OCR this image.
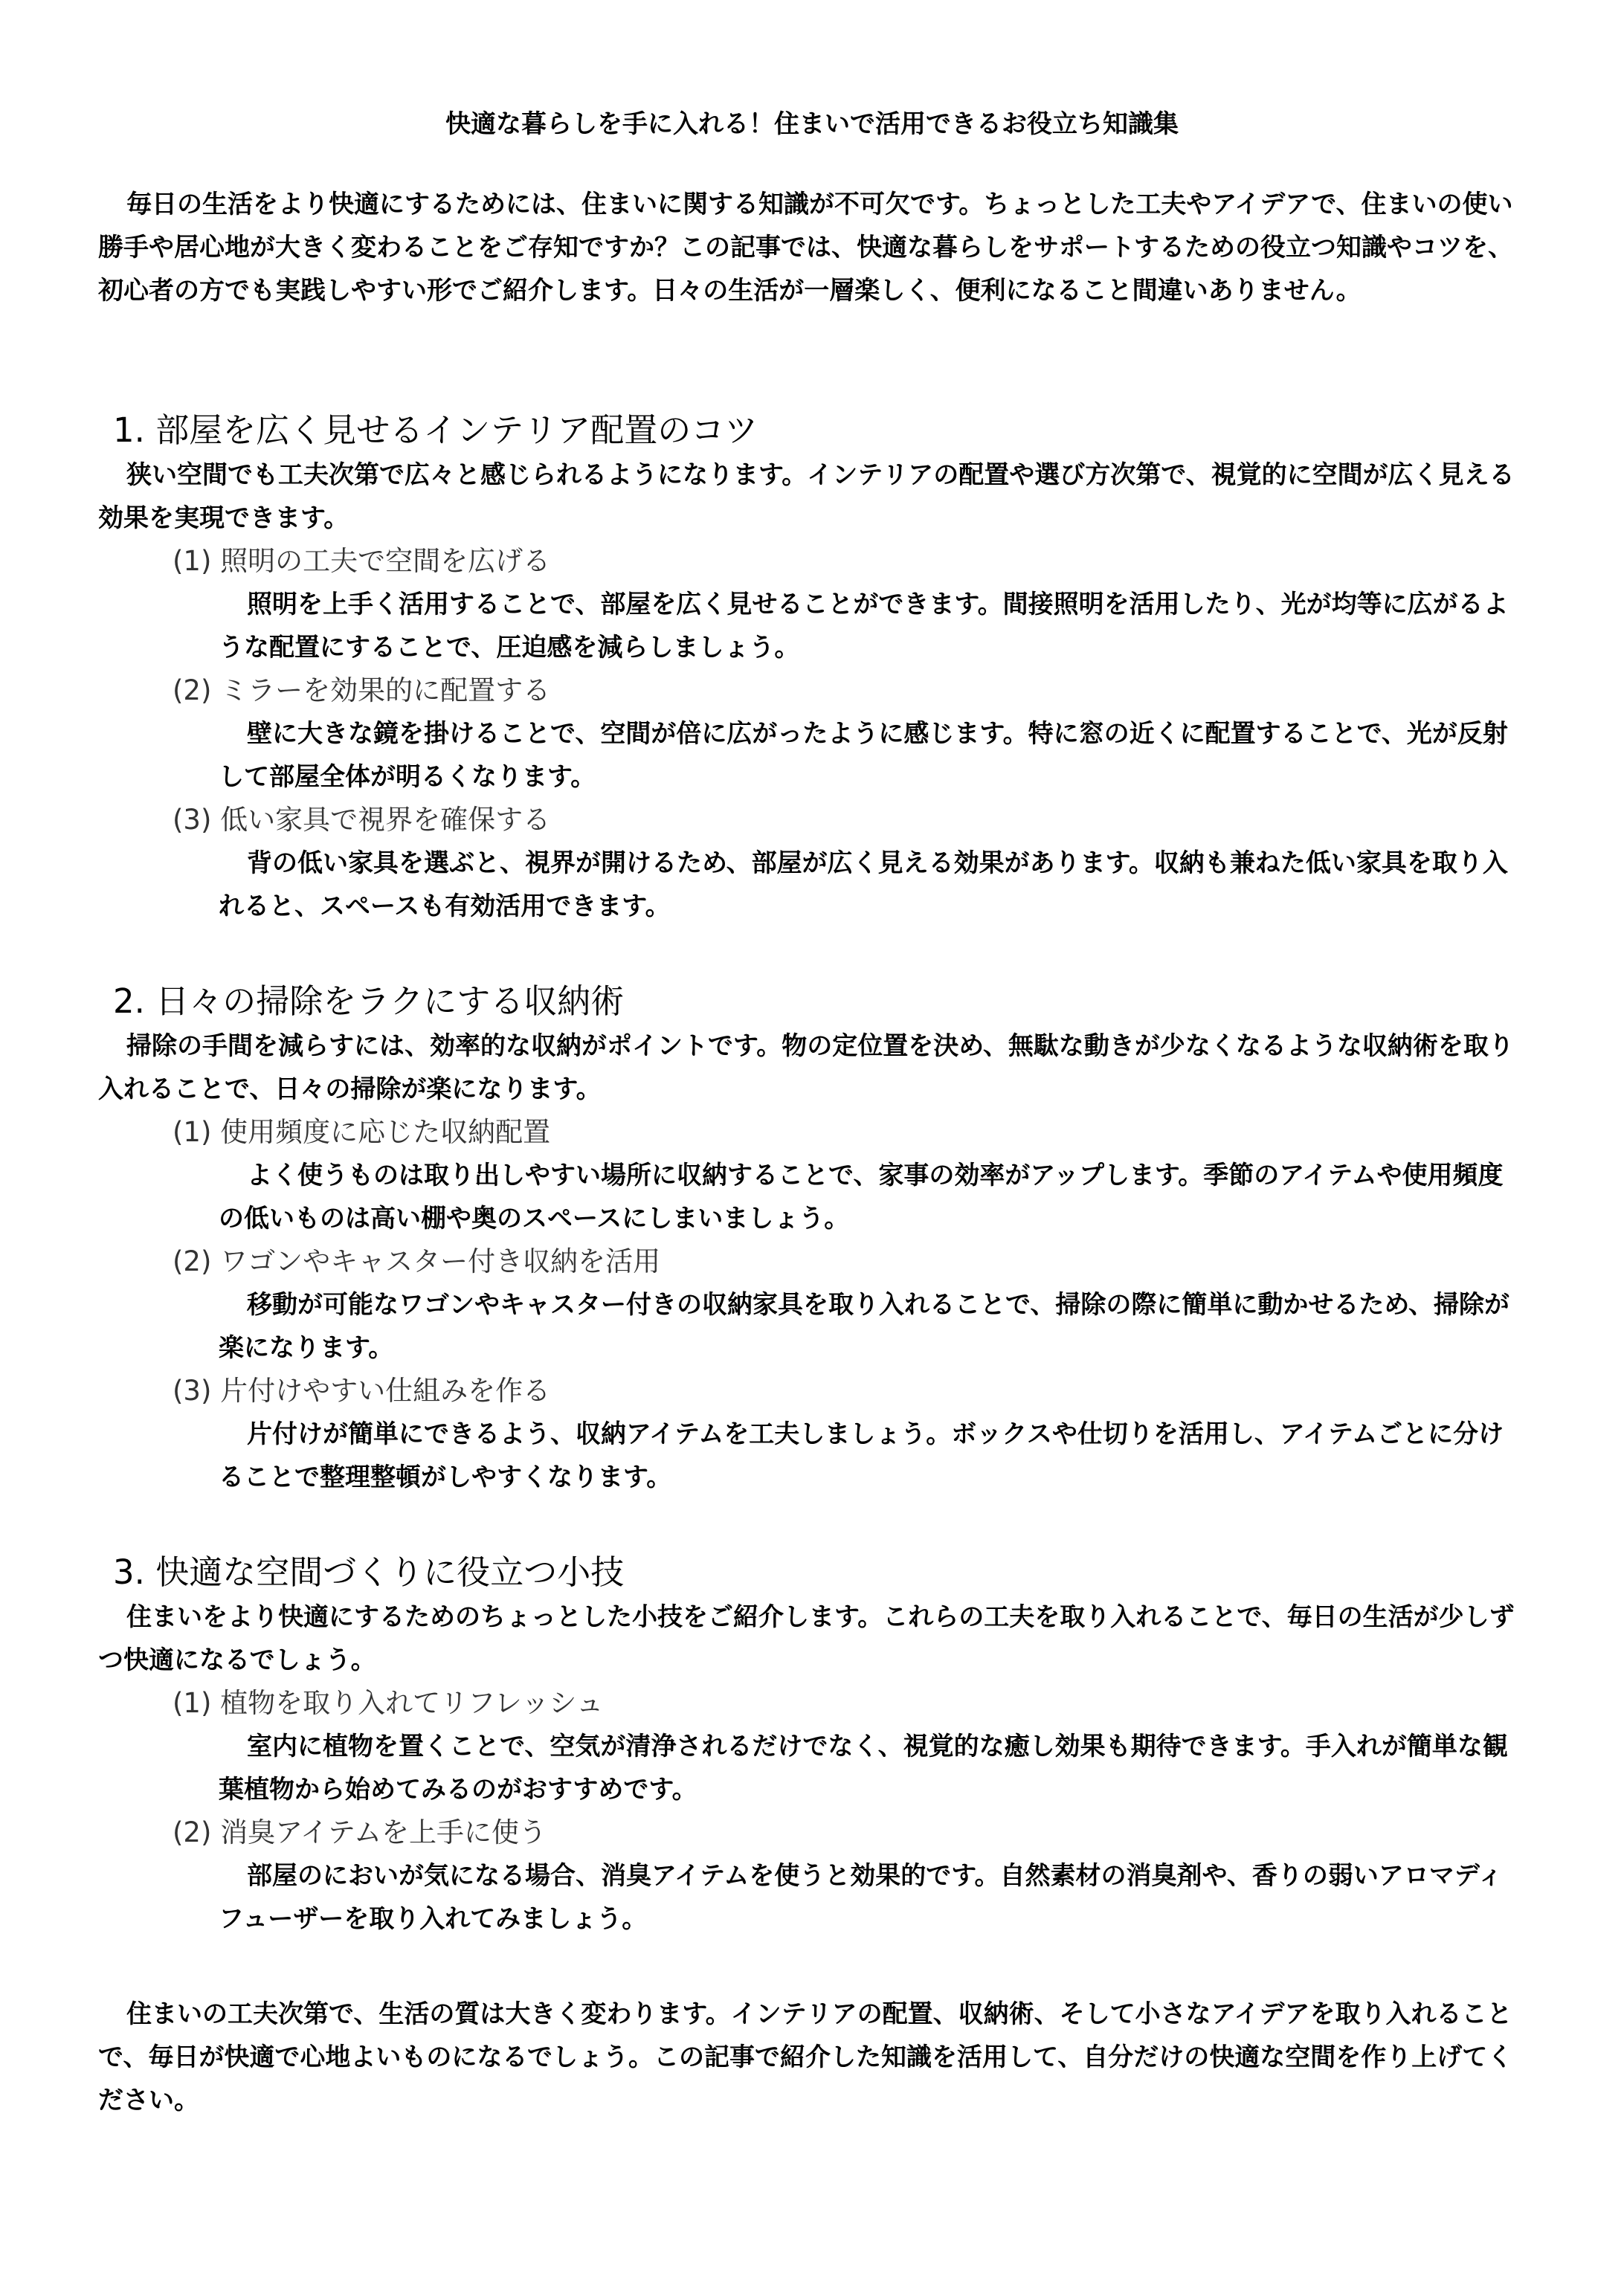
快適な暮らしを手に入れる！住まいで活用できるお役立ち知識集

毎日の生活をより快適にするためには、住まいに関する知識が不可欠です。ちょっとした工夫やアイデアで、住まいの使い勝手や居心地が大きく変わることをご存知ですか？この記事では、快適な暮らしをサポートするための役立つ知識やコツを、初心者の方でも実践しやすい形でご紹介します。日々の生活が一層楽しく、便利になること間違いありません。

1. 部屋を広く見せるインテリア配置のコツ

狭い空間でも工夫次第で広々と感じられるようになります。インテリアの配置や選び方次第で、視覚的に空間が広く見える効果を実現できます。

(1) 照明の工夫で空間を広げる

照明を上手く活用することで、部屋を広く見せることができます。間接照明を活用したり、光が均等に広がるような配置にすることで、圧迫感を減らしましょう。

(2) ミラーを効果的に配置する

壁に大きな鏡を掛けることで、空間が倍に広がったように感じます。特に窓の近くに配置することで、光が反射して部屋全体が明るくなります。

(3) 低い家具で視界を確保する

背の低い家具を選ぶと、視界が開けるため、部屋が広く見える効果があります。収納も兼ねた低い家具を取り入れると、スペースも有効活用できます。

2. 日々の掃除をラクにする収納術

掃除の手間を減らすには、効率的な収納がポイントです。物の定位置を決め、無駄な動きが少なくなるような収納術を取り入れることで、日々の掃除が楽になります。

(1) 使用頻度に応じた収納配置

よく使うものは取り出しやすい場所に収納することで、家事の効率がアップします。季節のアイテムや使用頻度の低いものは高い棚や奥のスペースにしまいましょう。

(2) ワゴンやキャスター付き収納を活用

移動が可能なワゴンやキャスター付きの収納家具を取り入れることで、掃除の際に簡単に動かせるため、掃除が楽になります。

(3) 片付けやすい仕組みを作る

片付けが簡単にできるよう、収納アイテムを工夫しましょう。ボックスや仕切りを活用し、アイテムごとに分けることで整理整頓がしやすくなります。

3. 快適な空間づくりに役立つ小技

住まいをより快適にするためのちょっとした小技をご紹介します。これらの工夫を取り入れることで、毎日の生活が少しずつ快適になるでしょう。

(1) 植物を取り入れてリフレッシュ

室内に植物を置くことで、空気が清浄されるだけでなく、視覚的な癒し効果も期待できます。手入れが簡単な観葉植物から始めてみるのがおすすめです。

(2) 消臭アイテムを上手に使う

部屋のにおいが気になる場合、消臭アイテムを使うと効果的です。自然素材の消臭剤や、香りの弱いアロマディフューザーを取り入れてみましょう。

住まいの工夫次第で、生活の質は大きく変わります。インテリアの配置、収納術、そして小さなアイデアを取り入れることで、毎日が快適で心地よいものになるでしょう。この記事で紹介した知識を活用して、自分だけの快適な空間を作り上げてください。
